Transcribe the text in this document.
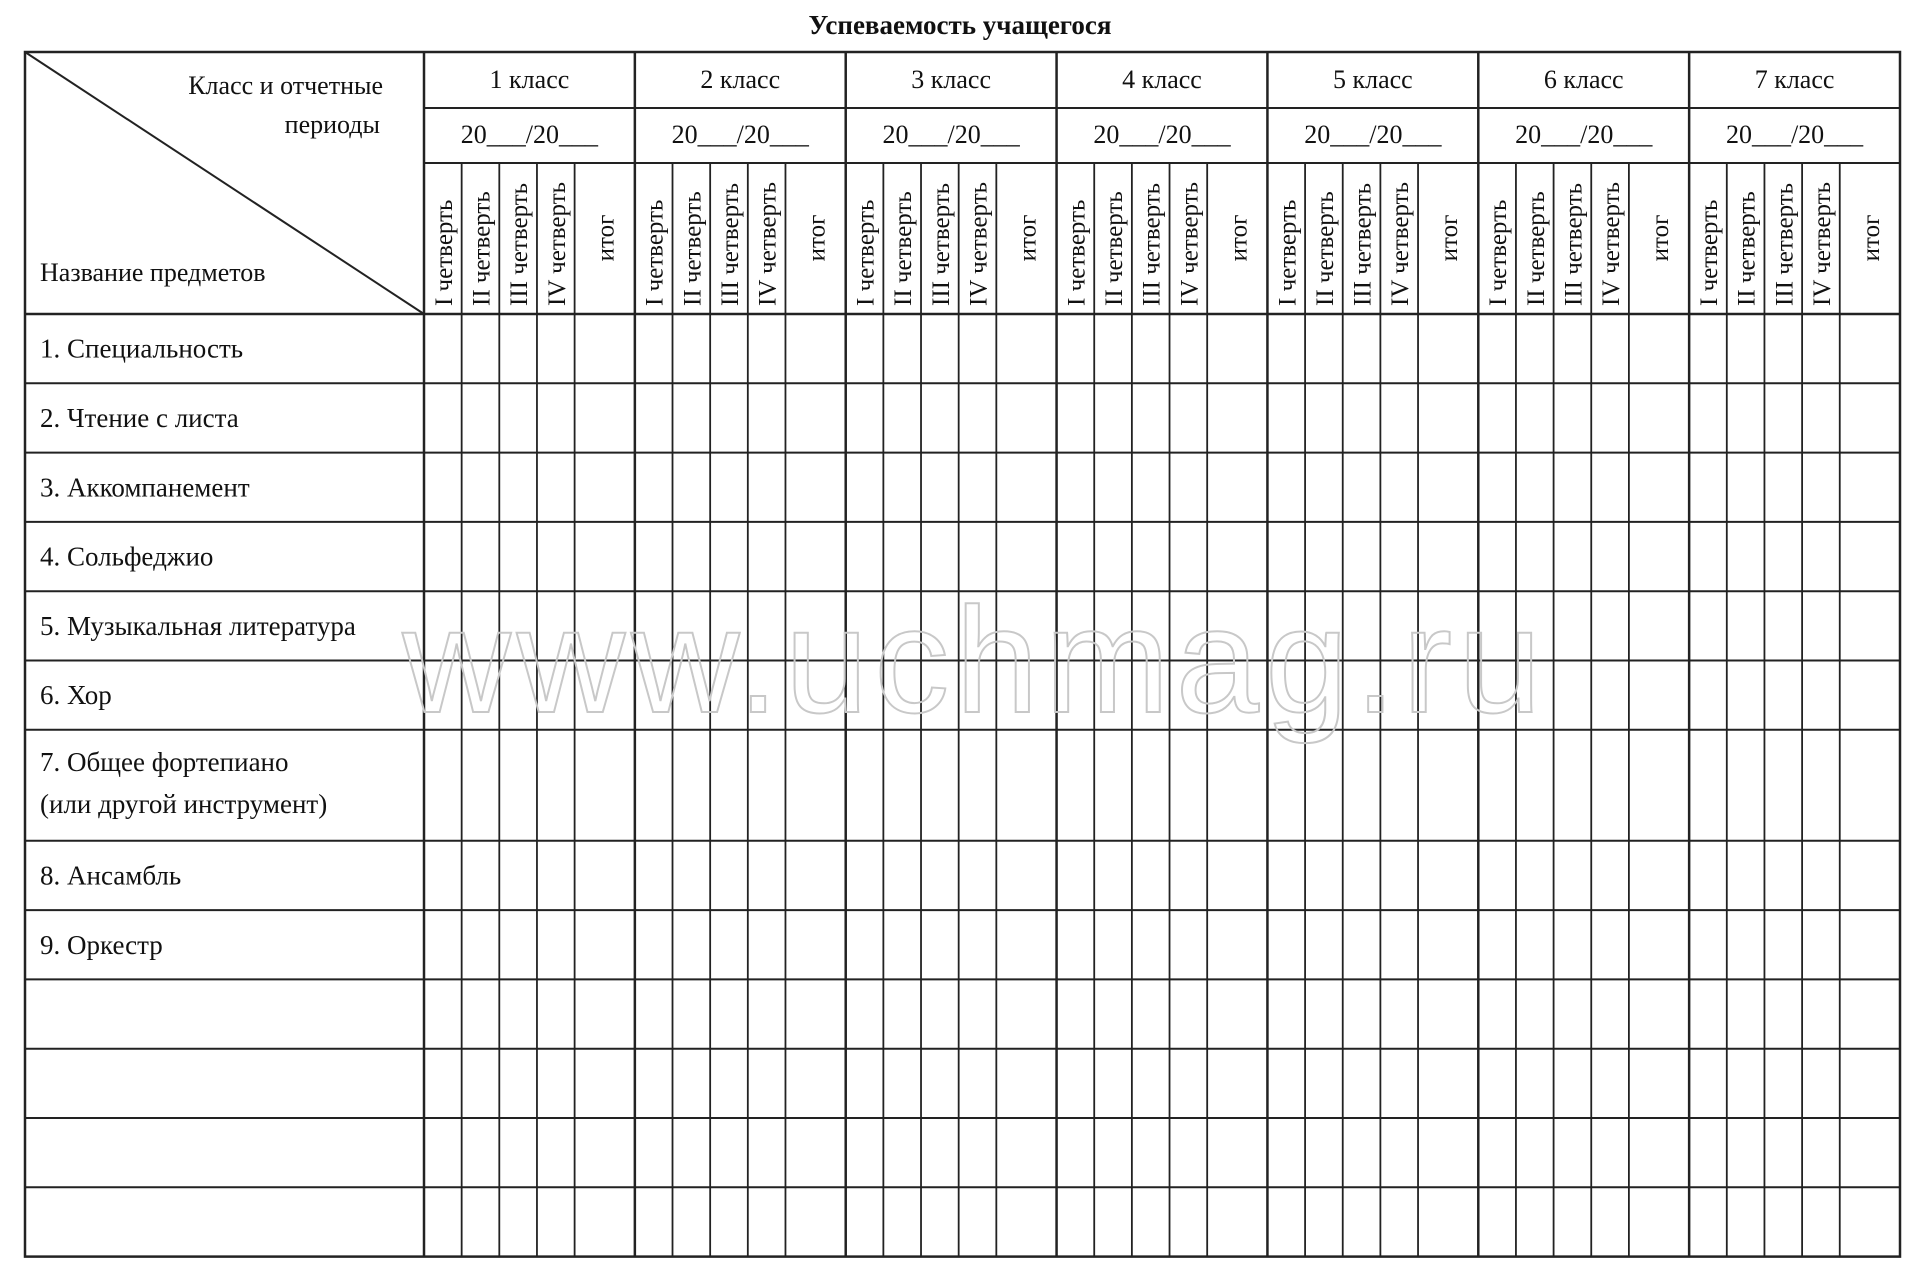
Успеваемость учащегося
Класс и отчетные
периоды
Название предметов
1 класс
20___/20___
I четверть II четверть III четверть IV четверть итог
2 класс
20___/20___
I четверть II четверть III четверть IV четверть итог
3 класс
20___/20___
I четверть II четверть III четверть IV четверть итог
4 класс
20___/20___
I четверть II четверть III четверть IV четверть итог
5 класс
20___/20___
I четверть II четверть III четверть IV четверть итог
6 класс
20___/20___
I четверть II четверть III четверть IV четверть итог
7 класс
20___/20___
I четверть II четверть III четверть IV четверть итог
1. Специальность
2. Чтение с листа
3. Аккомпанемент
4. Сольфеджио
5. Музыкальная литература
6. Хор
7. Общее фортепиано
(или другой инструмент)
8. Ансамбль
9. Оркестр
www.uchmag.ru
